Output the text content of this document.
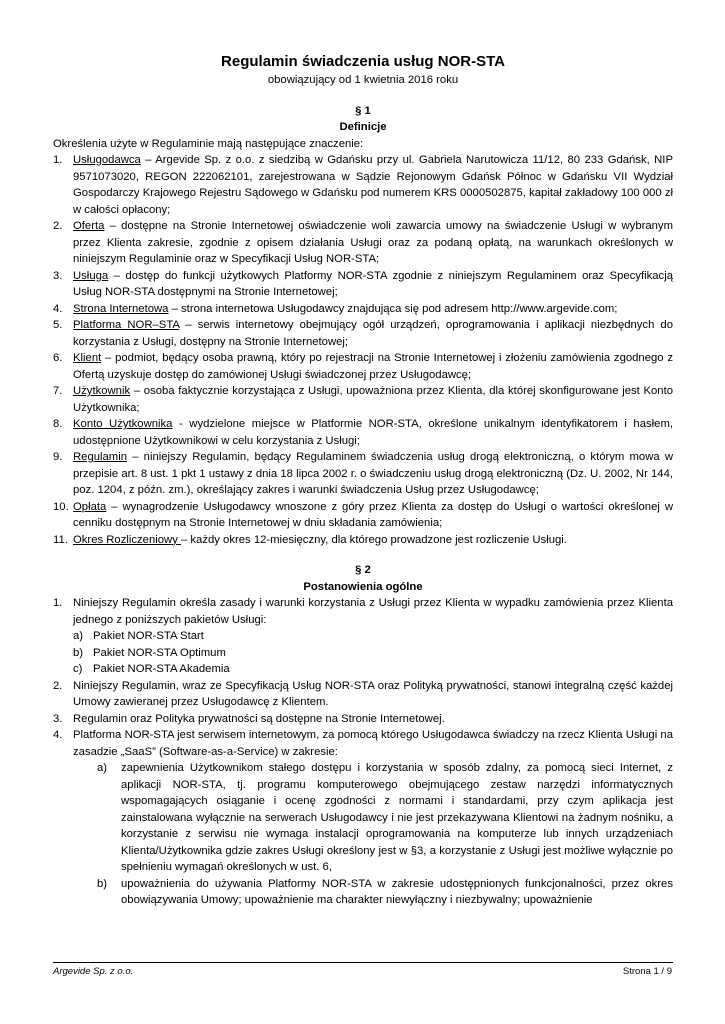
Regulamin świadczenia usług NOR-STA
obowiązujący od 1 kwietnia 2016 roku
§ 1
Definicje
Określenia użyte w Regulaminie mają następujące znaczenie:
1. Usługodawca – Argevide Sp. z o.o. z siedzibą w Gdańsku przy ul. Gabriela Narutowicza 11/12, 80 233 Gdańsk, NIP 9571073020, REGON 222062101, zarejestrowana w Sądzie Rejonowym Gdańsk Północ w Gdańsku VII Wydział Gospodarczy Krajowego Rejestru Sądowego w Gdańsku pod numerem KRS 0000502875, kapitał zakładowy 100 000 zł w całości opłacony;
2. Oferta – dostępne na Stronie Internetowej oświadczenie woli zawarcia umowy na świadczenie Usługi w wybranym przez Klienta zakresie, zgodnie z opisem działania Usługi oraz za podaną opłatą, na warunkach określonych w niniejszym Regulaminie oraz w Specyfikacji Usług NOR-STA;
3. Usługa – dostęp do funkcji użytkowych Platformy NOR-STA zgodnie z niniejszym Regulaminem oraz Specyfikacją Usług NOR-STA dostępnymi na Stronie Internetowej;
4. Strona Internetowa – strona internetowa Usługodawcy znajdująca się pod adresem http://www.argevide.com;
5. Platforma NOR–STA – serwis internetowy obejmujący ogół urządzeń, oprogramowania i aplikacji niezbędnych do korzystania z Usługi, dostępny na Stronie Internetowej;
6. Klient – podmiot, będący osoba prawną, który po rejestracji na Stronie Internetowej i złożeniu zamówienia zgodnego z Ofertą uzyskuje dostęp do zamówionej Usługi świadczonej przez Usługodawcę;
7. Użytkownik – osoba faktycznie korzystająca z Usługi, upoważniona przez Klienta, dla której skonfigurowane jest Konto Użytkownika;
8. Konto Użytkownika - wydzielone miejsce w Platformie NOR-STA, określone unikalnym identyfikatorem i hasłem, udostępnione Użytkownikowi w celu korzystania z Usługi;
9. Regulamin – niniejszy Regulamin, będący Regulaminem świadczenia usług drogą elektroniczną, o którym mowa w przepisie art. 8 ust. 1 pkt 1 ustawy z dnia 18 lipca 2002 r. o świadczeniu usług drogą elektroniczną (Dz. U. 2002, Nr 144, poz. 1204, z późn. zm.), określający zakres i warunki świadczenia Usług przez Usługodawcę;
10. Opłata – wynagrodzenie Usługodawcy wnoszone z góry przez Klienta za dostęp do Usługi o wartości określonej w cenniku dostępnym na Stronie Internetowej w dniu składania zamówienia;
11. Okres Rozliczeniowy – każdy okres 12-miesięczny, dla którego prowadzone jest rozliczenie Usługi.
§ 2
Postanowienia ogólne
1. Niniejszy Regulamin określa zasady i warunki korzystania z Usługi przez Klienta w wypadku zamówienia przez Klienta jednego z poniższych pakietów Usługi:
a) Pakiet NOR-STA Start
b) Pakiet NOR-STA Optimum
c) Pakiet NOR-STA Akademia
2. Niniejszy Regulamin, wraz ze Specyfikacją Usług NOR-STA oraz Polityką prywatności, stanowi integralną część każdej Umowy zawieranej przez Usługodawcę z Klientem.
3. Regulamin oraz Polityka prywatności są dostępne na Stronie Internetowej.
4. Platforma NOR-STA jest serwisem internetowym, za pomocą którego Usługodawca świadczy na rzecz Klienta Usługi na zasadzie „SaaS” (Software-as-a-Service) w zakresie:
a) zapewnienia Użytkownikom stałego dostępu i korzystania w sposób zdalny, za pomocą sieci Internet, z aplikacji NOR-STA, tj. programu komputerowego obejmującego zestaw narzędzi informatycznych wspomagających osiąganie i ocenę zgodności z normami i standardami, przy czym aplikacja jest zainstalowana wyłącznie na serwerach Usługodawcy i nie jest przekazywana Klientowi na żadnym nośniku, a korzystanie z serwisu nie wymaga instalacji oprogramowania na komputerze lub innych urządzeniach Klienta/Użytkownika gdzie zakres Usługi określony jest w §3, a korzystanie z Usługi jest możliwe wyłącznie po spełnieniu wymagań określonych w ust. 6,
b) upoważnienia do używania Platformy NOR-STA w zakresie udostępnionych funkcjonalności, przez okres obowiązywania Umowy; upoważnienie ma charakter niewyłączny i niezbywalny; upoważnienie
Argevide Sp. z o.o.	Strona 1 / 9
